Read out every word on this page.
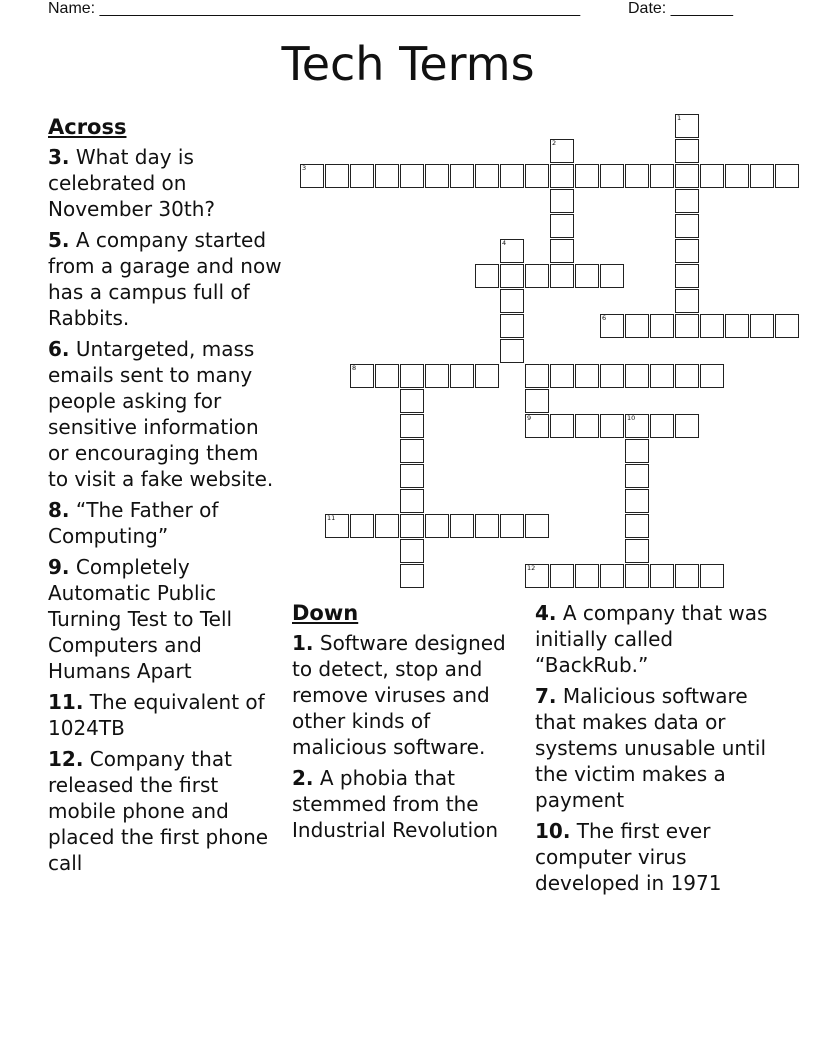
Name: ______________________________________________________	Date: _______
Tech Terms
1
2
3
4
6
8
9	10
11
12
Across
3. What day is celebrated on November 30th?
5. A company started from a garage and now has a campus full of Rabbits.
6. Untargeted, mass emails sent to many people asking for sensitive information or encouraging them to visit a fake website.
8. “The Father of Computing”
9. Completely Automatic Public Turning Test to Tell Computers and Humans Apart
11. The equivalent of 1024TB
12. Company that released the first mobile phone and placed the first phone call
Down
1. Software designed to detect, stop and remove viruses and other kinds of malicious software.
2. A phobia that stemmed from the Industrial Revolution
4. A company that was initially called “BackRub.”
7. Malicious software that makes data or systems unusable until the victim makes a payment
10. The first ever computer virus developed in 1971
